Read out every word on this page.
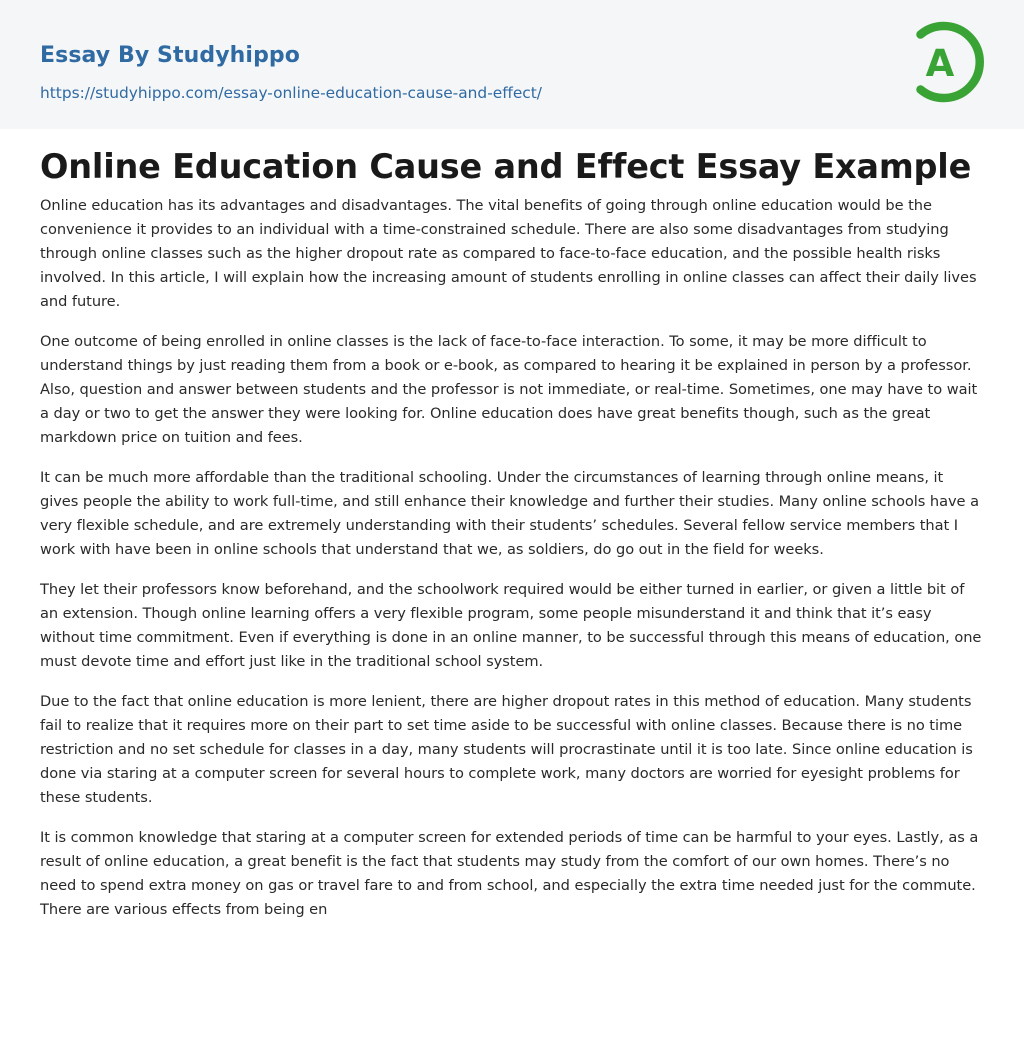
Essay By Studyhippo
https://studyhippo.com/essay-online-education-cause-and-effect/
A
Online Education Cause and Effect Essay Example

Online education has its advantages and disadvantages. The vital benefits of going through online education would be the convenience it provides to an individual with a time-constrained schedule. There are also some disadvantages from studying through online classes such as the higher dropout rate as compared to face-to-face education, and the possible health risks involved. In this article, I will explain how the increasing amount of students enrolling in online classes can affect their daily lives and future.

One outcome of being enrolled in online classes is the lack of face-to-face interaction. To some, it may be more difficult to understand things by just reading them from a book or e-book, as compared to hearing it be explained in person by a professor. Also, question and answer between students and the professor is not immediate, or real-time. Sometimes, one may have to wait a day or two to get the answer they were looking for. Online education does have great benefits though, such as the great markdown price on tuition and fees.

It can be much more affordable than the traditional schooling. Under the circumstances of learning through online means, it gives people the ability to work full-time, and still enhance their knowledge and further their studies. Many online schools have a very flexible schedule, and are extremely understanding with their students’ schedules. Several fellow service members that I work with have been in online schools that understand that we, as soldiers, do go out in the field for weeks.

They let their professors know beforehand, and the schoolwork required would be either turned in earlier, or given a little bit of an extension. Though online learning offers a very flexible program, some people misunderstand it and think that it’s easy without time commitment. Even if everything is done in an online manner, to be successful through this means of education, one must devote time and effort just like in the traditional school system.

Due to the fact that online education is more lenient, there are higher dropout rates in this method of education. Many students fail to realize that it requires more on their part to set time aside to be successful with online classes. Because there is no time restriction and no set schedule for classes in a day, many students will procrastinate until it is too late. Since online education is done via staring at a computer screen for several hours to complete work, many doctors are worried for eyesight problems for these students.

It is common knowledge that staring at a computer screen for extended periods of time can be harmful to your eyes. Lastly, as a result of online education, a great benefit is the fact that students may study from the comfort of our own homes. There’s no need to spend extra money on gas or travel fare to and from school, and especially the extra time needed just for the commute. There are various effects from being en
